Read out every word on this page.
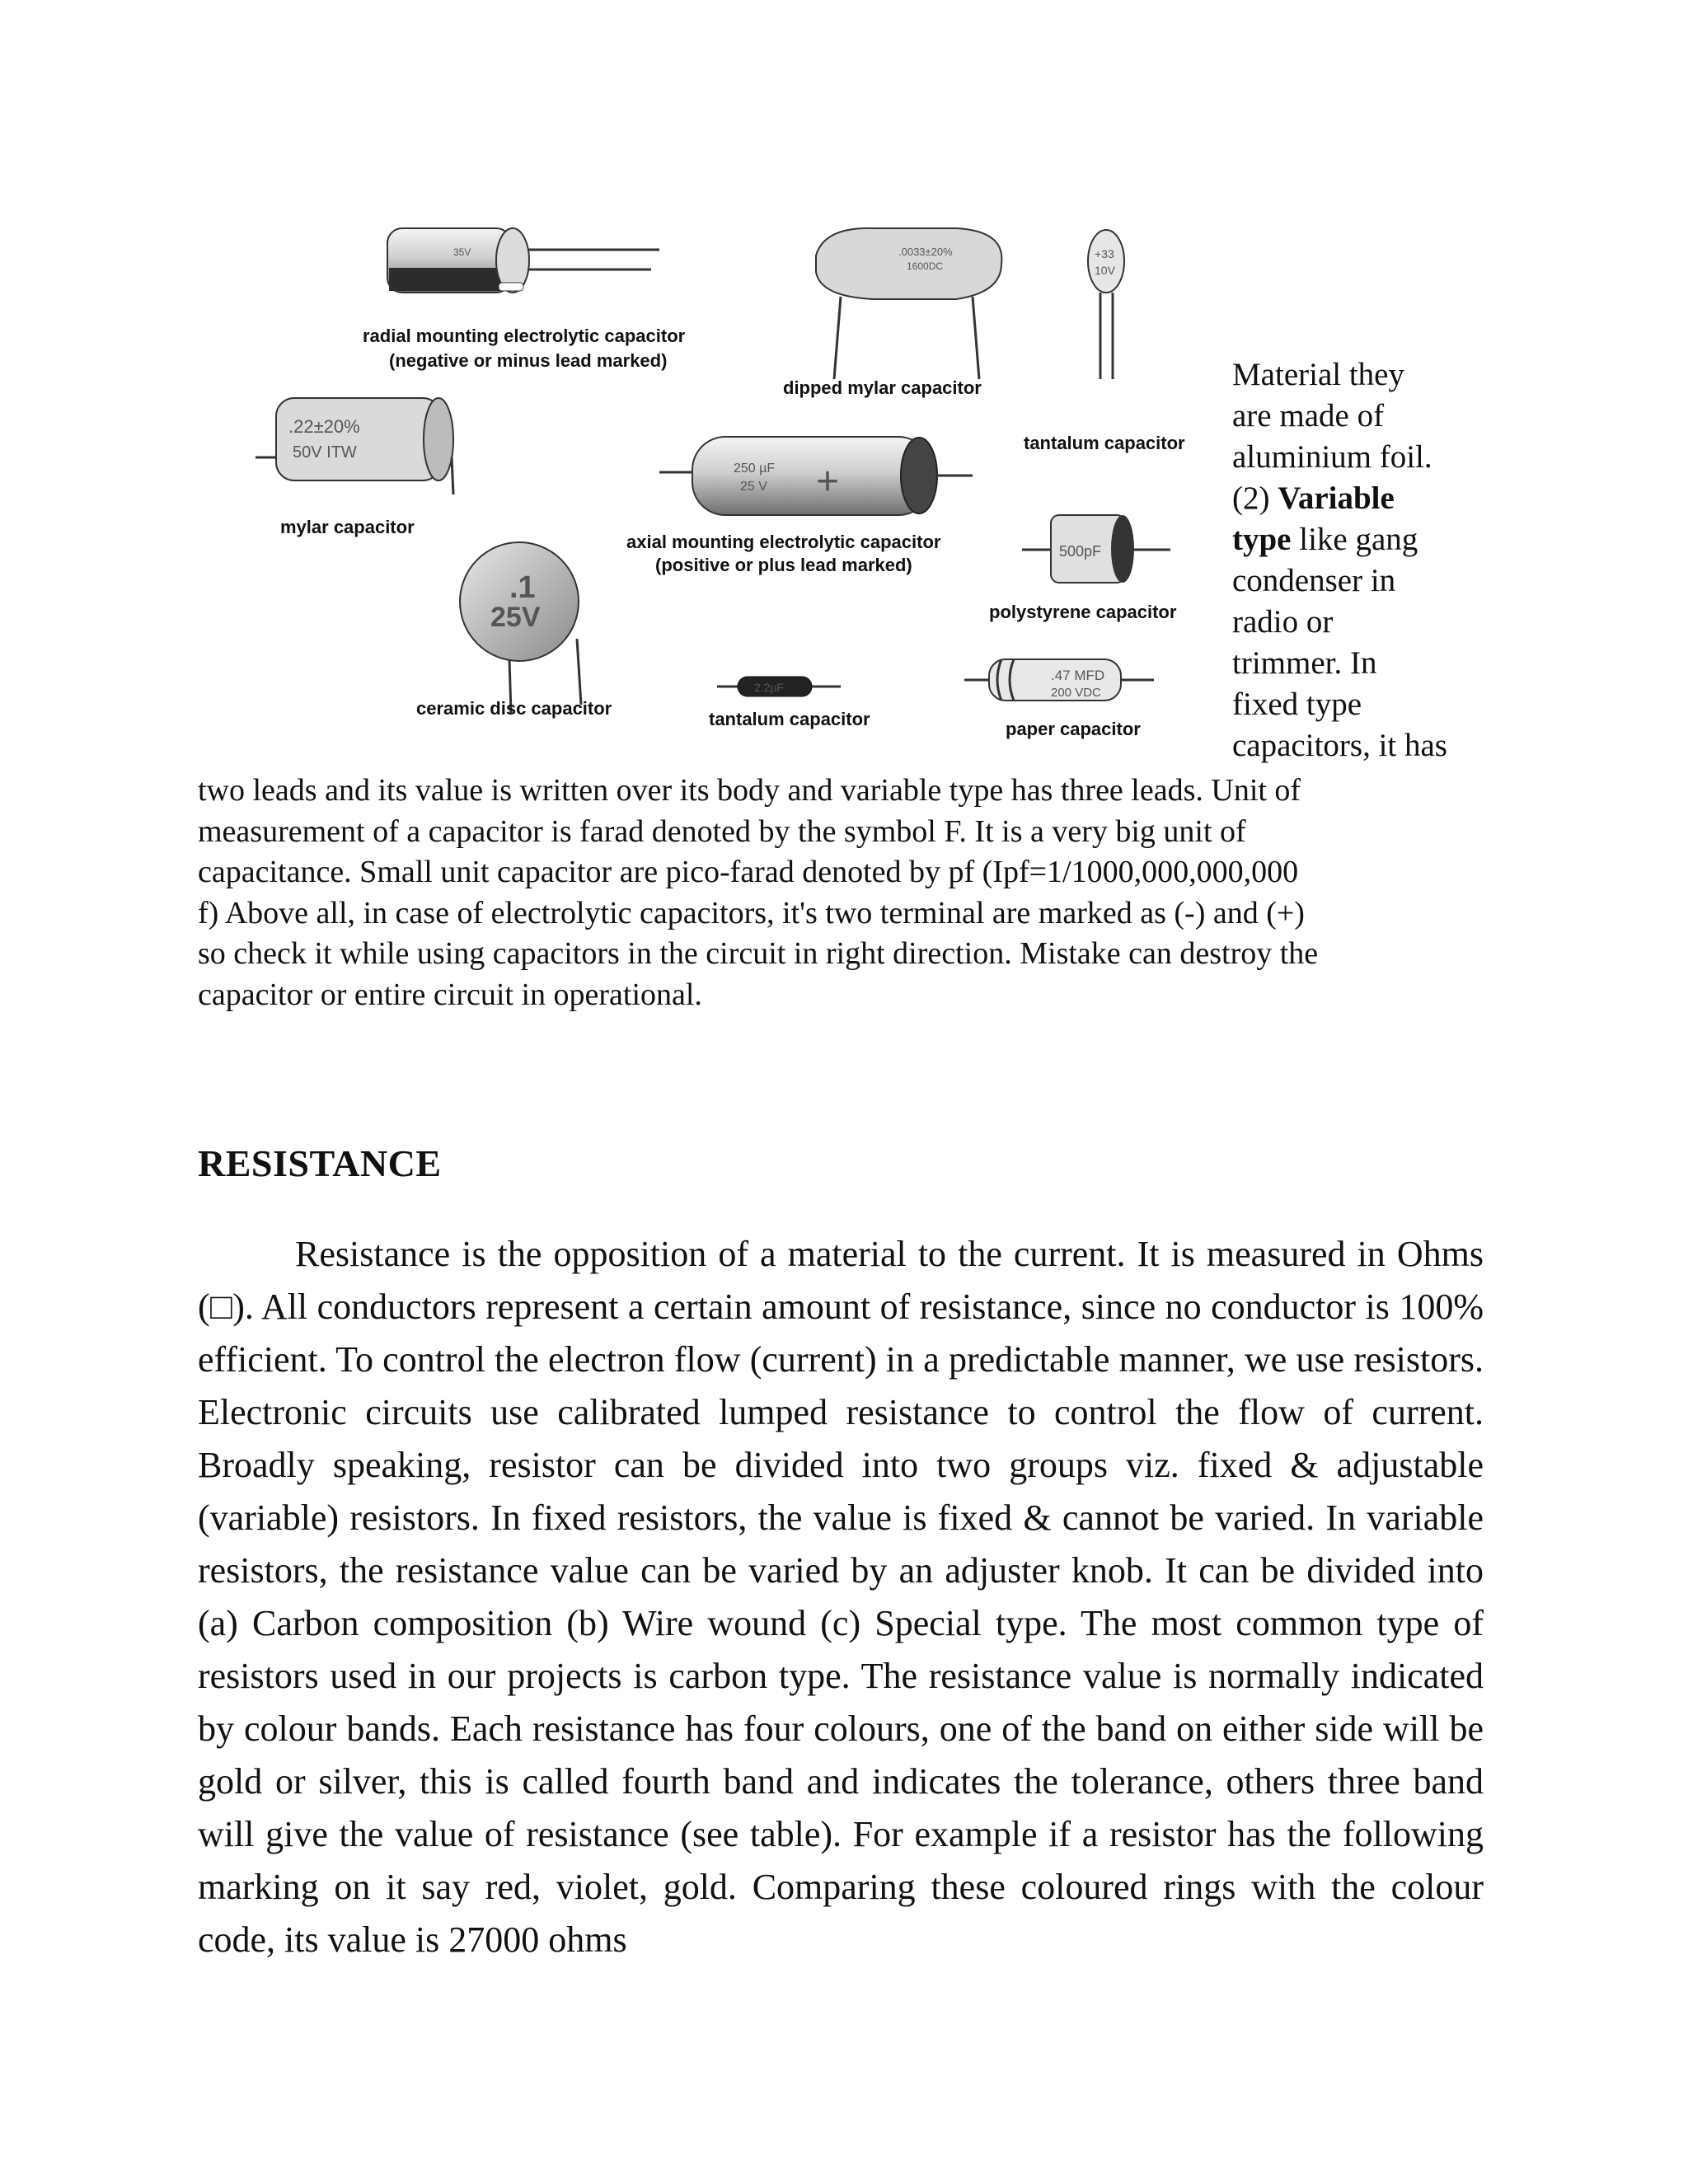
35V
radial mounting electrolytic capacitor
(negative or minus lead marked)
.0033±20%
1600DC
dipped mylar capacitor
+33
10V
tantalum capacitor
.22±20%
50V ITW
mylar capacitor
250 µF
25 V +
axial mounting electrolytic capacitor
(positive or plus lead marked)
.1
25V
ceramic disc capacitor
500pF
polystyrene capacitor
2.2µF
tantalum capacitor
.47 MFD
200 VDC
paper capacitor

Material they

are made of

aluminium foil.

(2) Variable

type like gang

condenser in

radio or

trimmer. In

fixed type

capacitors, it has

two leads and its value is written over its body and variable type has three leads. Unit of
measurement of a capacitor is farad denoted by the symbol F. It is a very big unit of
capacitance. Small unit capacitor are pico-farad denoted by pf (Ipf=1/1000,000,000,000
f) Above all, in case of electrolytic capacitors, it's two terminal are marked as (-) and (+)
so check it while using capacitors in the circuit in right direction. Mistake can destroy the
capacitor or entire circuit in operational.
RESISTANCE

Resistance is the opposition of a material to the current. It is measured in Ohms (□). All conductors represent a certain amount of resistance, since no conductor is 100% efficient. To control the electron flow (current) in a predictable manner, we use resistors. Electronic circuits use calibrated lumped resistance to control the flow of current. Broadly speaking, resistor can be divided into two groups viz. fixed & adjustable (variable) resistors. In fixed resistors, the value is fixed & cannot be varied. In variable resistors, the resistance value can be varied by an adjuster knob. It can be divided into (a) Carbon composition (b) Wire wound (c) Special type. The most common type of resistors used in our projects is carbon type. The resistance value is normally indicated by colour bands. Each resistance has four colours, one of the band on either side will be gold or silver, this is called fourth band and indicates the tolerance, others three band will give the value of resistance (see table). For example if a resistor has the following marking on it say red, violet, gold. Comparing these coloured rings with the colour code, its value is 27000 ohms
